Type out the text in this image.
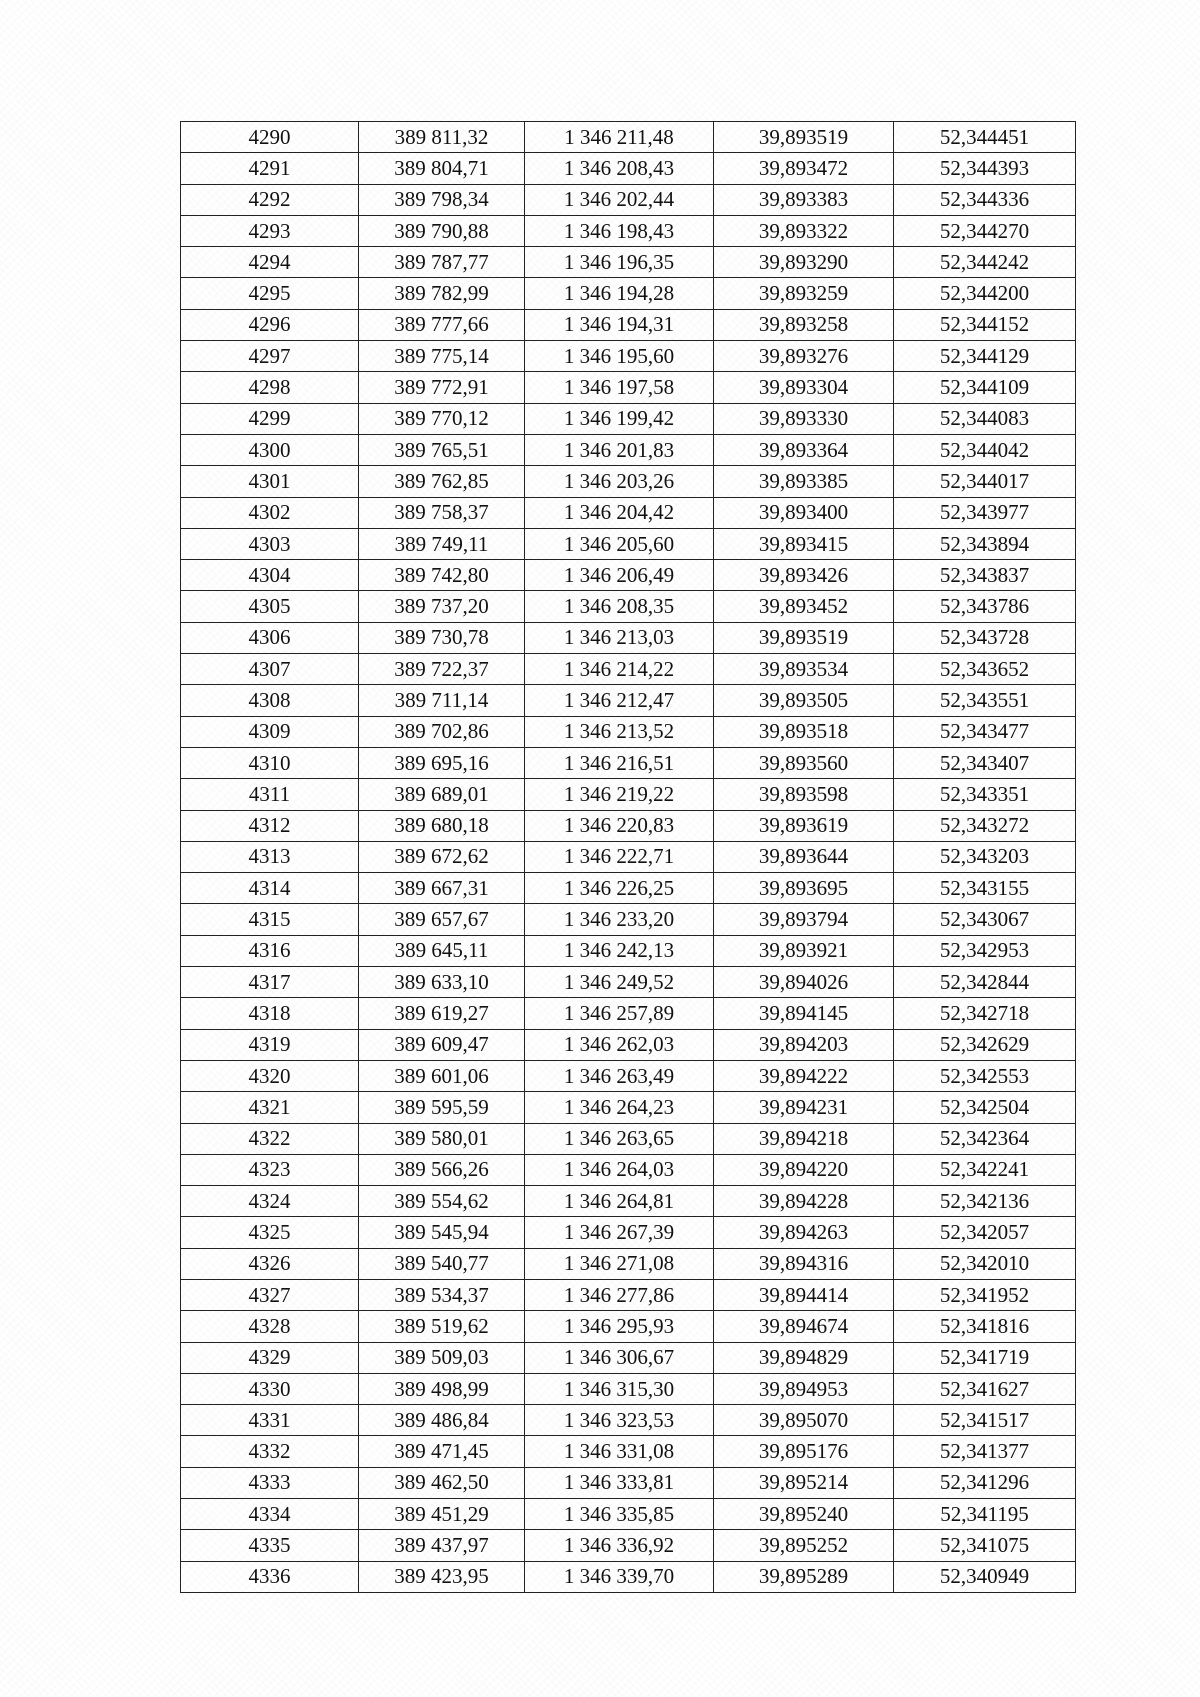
4290	389 811,32	1 346 211,48	39,893519	52,344451
4291	389 804,71	1 346 208,43	39,893472	52,344393
4292	389 798,34	1 346 202,44	39,893383	52,344336
4293	389 790,88	1 346 198,43	39,893322	52,344270
4294	389 787,77	1 346 196,35	39,893290	52,344242
4295	389 782,99	1 346 194,28	39,893259	52,344200
4296	389 777,66	1 346 194,31	39,893258	52,344152
4297	389 775,14	1 346 195,60	39,893276	52,344129
4298	389 772,91	1 346 197,58	39,893304	52,344109
4299	389 770,12	1 346 199,42	39,893330	52,344083
4300	389 765,51	1 346 201,83	39,893364	52,344042
4301	389 762,85	1 346 203,26	39,893385	52,344017
4302	389 758,37	1 346 204,42	39,893400	52,343977
4303	389 749,11	1 346 205,60	39,893415	52,343894
4304	389 742,80	1 346 206,49	39,893426	52,343837
4305	389 737,20	1 346 208,35	39,893452	52,343786
4306	389 730,78	1 346 213,03	39,893519	52,343728
4307	389 722,37	1 346 214,22	39,893534	52,343652
4308	389 711,14	1 346 212,47	39,893505	52,343551
4309	389 702,86	1 346 213,52	39,893518	52,343477
4310	389 695,16	1 346 216,51	39,893560	52,343407
4311	389 689,01	1 346 219,22	39,893598	52,343351
4312	389 680,18	1 346 220,83	39,893619	52,343272
4313	389 672,62	1 346 222,71	39,893644	52,343203
4314	389 667,31	1 346 226,25	39,893695	52,343155
4315	389 657,67	1 346 233,20	39,893794	52,343067
4316	389 645,11	1 346 242,13	39,893921	52,342953
4317	389 633,10	1 346 249,52	39,894026	52,342844
4318	389 619,27	1 346 257,89	39,894145	52,342718
4319	389 609,47	1 346 262,03	39,894203	52,342629
4320	389 601,06	1 346 263,49	39,894222	52,342553
4321	389 595,59	1 346 264,23	39,894231	52,342504
4322	389 580,01	1 346 263,65	39,894218	52,342364
4323	389 566,26	1 346 264,03	39,894220	52,342241
4324	389 554,62	1 346 264,81	39,894228	52,342136
4325	389 545,94	1 346 267,39	39,894263	52,342057
4326	389 540,77	1 346 271,08	39,894316	52,342010
4327	389 534,37	1 346 277,86	39,894414	52,341952
4328	389 519,62	1 346 295,93	39,894674	52,341816
4329	389 509,03	1 346 306,67	39,894829	52,341719
4330	389 498,99	1 346 315,30	39,894953	52,341627
4331	389 486,84	1 346 323,53	39,895070	52,341517
4332	389 471,45	1 346 331,08	39,895176	52,341377
4333	389 462,50	1 346 333,81	39,895214	52,341296
4334	389 451,29	1 346 335,85	39,895240	52,341195
4335	389 437,97	1 346 336,92	39,895252	52,341075
4336	389 423,95	1 346 339,70	39,895289	52,340949
